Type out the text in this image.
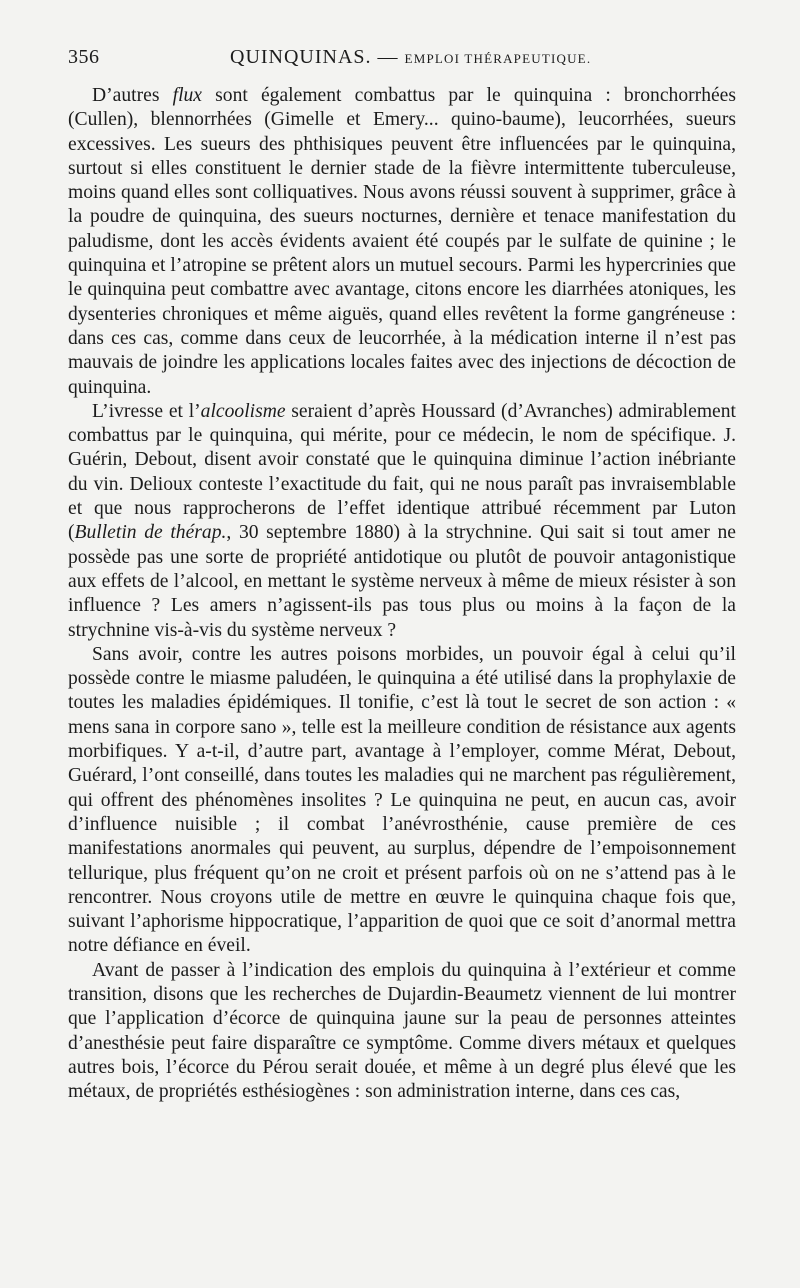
356	QUINQUINAS. — EMPLOI THÉRAPEUTIQUE.

D’autres flux sont également combattus par le quinquina : bronchorrhées (Cullen), blennorrhées (Gimelle et Emery... quino-baume), leucorrhées, sueurs excessives. Les sueurs des phthisiques peuvent être influencées par le quinquina, surtout si elles constituent le dernier stade de la fièvre intermittente tuberculeuse, moins quand elles sont colliquatives. Nous avons réussi souvent à supprimer, grâce à la poudre de quinquina, des sueurs nocturnes, dernière et tenace manifestation du paludisme, dont les accès évidents avaient été coupés par le sulfate de quinine ; le quinquina et l’atropine se prêtent alors un mutuel secours. Parmi les hypercrinies que le quinquina peut combattre avec avantage, citons encore les diarrhées atoniques, les dysenteries chroniques et même aiguës, quand elles revêtent la forme gangréneuse : dans ces cas, comme dans ceux de leucorrhée, à la médication interne il n’est pas mauvais de joindre les applications locales faites avec des injections de décoction de quinquina.

L’ivresse et l’alcoolisme seraient d’après Houssard (d’Avranches) admirablement combattus par le quinquina, qui mérite, pour ce médecin, le nom de spécifique. J. Guérin, Debout, disent avoir constaté que le quinquina diminue l’action inébriante du vin. Delioux conteste l’exactitude du fait, qui ne nous paraît pas invraisemblable et que nous rapprocherons de l’effet identique attribué récemment par Luton (Bulletin de thérap., 30 septembre 1880) à la strychnine. Qui sait si tout amer ne possède pas une sorte de propriété antidotique ou plutôt de pouvoir antagonistique aux effets de l’alcool, en mettant le système nerveux à même de mieux résister à son influence ? Les amers n’agissent-ils pas tous plus ou moins à la façon de la strychnine vis-à-vis du système nerveux ?

Sans avoir, contre les autres poisons morbides, un pouvoir égal à celui qu’il possède contre le miasme paludéen, le quinquina a été utilisé dans la prophylaxie de toutes les maladies épidémiques. Il tonifie, c’est là tout le secret de son action : « mens sana in corpore sano », telle est la meilleure condition de résistance aux agents morbifiques. Y a-t-il, d’autre part, avantage à l’employer, comme Mérat, Debout, Guérard, l’ont conseillé, dans toutes les maladies qui ne marchent pas régulièrement, qui offrent des phénomènes insolites ? Le quinquina ne peut, en aucun cas, avoir d’influence nuisible ; il combat l’anévrosthénie, cause première de ces manifestations anormales qui peuvent, au surplus, dépendre de l’empoisonnement tellurique, plus fréquent qu’on ne croit et présent parfois où on ne s’attend pas à le rencontrer. Nous croyons utile de mettre en œuvre le quinquina chaque fois que, suivant l’aphorisme hippocratique, l’apparition de quoi que ce soit d’anormal mettra notre défiance en éveil.

Avant de passer à l’indication des emplois du quinquina à l’extérieur et comme transition, disons que les recherches de Dujardin-Beaumetz viennent de lui montrer que l’application d’écorce de quinquina jaune sur la peau de personnes atteintes d’anesthésie peut faire disparaître ce symptôme. Comme divers métaux et quelques autres bois, l’écorce du Pérou serait douée, et même à un degré plus élevé que les métaux, de propriétés esthésiogènes : son administration interne, dans ces cas,
